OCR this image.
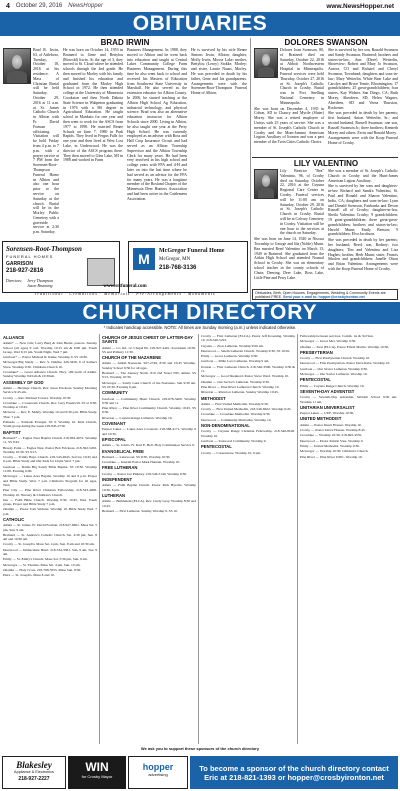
4 October 29, 2016 NewsHopper	www.NewsHopper.net
OBITUARIES
BRAD IRWIN

Brad R. Irwin, 63, of Attleboro, Tuesday, October 18, 2016 at his residence. A Mass of Christian Burial will be held Saturday, October 29, 2016 at 11 a.m. at St. James Catholic Church in Albion with Fr. David Forman officiating. Visitation will be held Friday from 4 p.m. to 7 p.m. with a prayer service at 7 PM from the Sorensen-Root-Thompson Funeral Home in Albion and also one hour prior to the service on Saturday at the church. Burial will be in the Morley Public Cemetery with a graveside service at 2:30 p.m. Saturday.

He was born on October 14, 1953 in Brainerd to Gene and Bettylou (Rowold) Irwin. At the age of 3, they moved to St. Cloud where he attended schools through the 2nd grade. He then moved to Morley with his family and finished his education and graduated from the Morley High School in 1972. He then attended college at the University of Minnesota Crookston and then North Dakota State Science in Wahpeton graduating in 1976 with a BS degree in Agricultural Education. He taught school in Mankato for one year and then went to work for the ASCS from 1977 to 1990. He married Renee Schuck on June 7, 1980 in Park Rapids. They lived in Fergus Falls for one year and then lived at West Lost Lake, in Underwood. He was the director of the ASCS program there. They then moved to Glen Lake, MI in 1988 and worked in Farm

Business Management. In 1988, they moved to Albion and he went back into education and taught at Central Lakes Community College Farm Business Management. During this time he also went back to school and received his Masters of Education from Southwest State University in Marshall. He also served as the extension educator for Albion County. In 2006, he started teaching at the Albion High School Ag Education, industrial technology, and physical science. Brad was also an alternative education instructor for Albion Schools since 2000. Living in Albion, he also taught one year at the Perry High School. He was currently employed as an adviser with Ross and Hall Crop Insurance Circuit and had served as an Albion Township Supervisor and the Albion Township Clerk for many years. He had been very involved in his high school and college years with FFA and 4-H and later on into the last time where he had served as an advisor for the FFA for many years. He was a longtime member of the Rosland Chapter of the Minnesota Deer Hunters Association and had been active in the Cattlemens Association.

He is survived by his wife Renee Simons Irwin, Albion; daughter, Molly Irwin, Moose Lake; mother, Bettylou (Leroy) Stokke, Morley; and sister, Laurie Nauss, Morley. He was preceded in death by his father, Gene and his grandparents. Arrangements were with the Sorensen-Root-Thompson Funeral Home of Albion.

DOLORES SWANSON

Dolores Joan Swanson, 80, of Brainerd died on Saturday, October 22, 2016 at Abbott Northwestern Hospital in Minneapolis. Funeral services were held Thursday, October 27, 2016 at St. Joseph's Catholic Church in Crosby. Burial was in Fort Snelling National Cemetery in Minneapolis.

She was born on December 4, 1935 in Cohon, SD to Chaucy and Myrtle (Slater) Morey. She was a retired employee of Unisys with 25 years of service. She was a member of St. Joseph's Catholic Church in Crosby and the Mom-Jamma American Legion Auxiliary of Ironton and was a past member of the Twin Cities Catholic Choirs.

She is survived by her son, Ronald Swanson and Sandy Swanson, Brainerd; brothers and sisters-in-law, Ann (Dave) Wetterlin, Shoreview; Robert and Mary Jo Swanson, Aurora, CO and Richard and Cheryl Swanson, Townhead; daughters and sons-in-law; Mary Wetterlin, White Bear Lake and Carolyn and Bruce Temte, Bloomington; 17 grandchildren; 25 great-grandchildren; four sisters, Kay Widner, San Diego, CA; Ruth Morey, Aberdeen, SD; Helen Wagner, Aberdeen, SD and Verna Thurston, Rochester.

She was preceded in death by her parents; first husband, Anton Wetterlin, Sr.; and second husband, Russell Swanson; one son, Russell Swanson Jr.; three brothers; Kenneth Morey and others. Ervin and Ronald Morey.

Arrangements were with the Koop Funeral Home of Crosby.

LILY VALENTINO

Lily Beatrice "Bea" Valentino, 96, of Crosby died on Saturday, October 22, 2016 at the Cuyuna Regional Care Center in Crosby. Funeral services will be 11:00 am on Saturday, October 29, 2016 at St. Joseph's Catholic Church in Crosby. Burial will be at Calvary Cemetery in Crosby. Visitation will be one hour to the services at the church on Saturday.

She was born on June 14, 1920 in Nisswa Township to George and Ida (Noble) Munn. Bea married Reed Valentino on March 13, 1940 in Brainerd. She graduated from the Aitkin High School and attended Normal School in Crosby. She was an elementary school teacher in the county schools of Chute, Deering, Deer Lake, Ross Lake, Little Pine and Perry Lake.

She was a member of St. Joseph's Catholic Church in Crosby and the Hunt-James American Legion Auxiliary.

She is survived by her sons and daughters-in-law Richard and Sandra Valentino, St. Paul and Ronald and Sharon Valentino, Indio, CA; daughters and sons-in-law; Lynn and Donald Swenson, Fairbanks and Devon Russell all of Crosby; daughter-in-law, Sheila Valentino Crosby; 9 grandchildren; 19 great-grandchildren; three great-great-grandchildren; brothers and sisters-in-law; Harold Munn; Emily Benson; 9 grandchildren; Elva Jacobson.

She was preceded in death by her parents; her husband, Reed; son, Rodney; two daughters; Tim and Valentina and Lisa Hughes; brother, Herb Munn; sister, Francis Sibolen and grandchildren; Janelle Olson and Brian Valentino. Arrangements were with the Koop Funeral Home of Crosby.

Obituaries, Birth, Open Houses, Engagements, Wedding & Community Events are published FREE. Send your e-mail to: hopper@crosbyironton.net
Sorensen-Root-Thompson
FUNERAL HOMES
GARRISON
218-927-2816
Directors: Jerry Thompson
Jason Brunning
M	McGregor Funeral Home
McGregor, MN
218-768-3136
www.srtfuneral.com
Traditional · Cremations · Memorials · Pre-Arrangements · Monuments
CHURCH DIRECTORY
* Indicates handicap accessible. NOTE: All times are Sunday morning (a.m.) unless indicated otherwise.
ALLIANCE
Aitkin* — New Life; Larry Burg & John Bieler, pastors. Sunday School (all ages) 9 a.m. Worship 10:15 am & 6:00 pm. Youth Group, Wed 6:15 pm. Youth Night, Wed 7 pm.
Garrison* — Pastor Michael R. Rieke. Worship 9. SS 10:30.
McGregor/Big Sandy — Rev. S. Dehlke, 426-3456, 6 of Saline's Store. Worship 9:30. Childrens Church 10.
Crosslake* — Grace Alliance Church. Hwy. 169 north of Aitkin. Sunday Worship 8:45am & 10:30am.
ASSEMBLY OF GOD
Aitkin — Heritage Church, Rev. Jason Erickson. Sunday Morning Service 9:45 am.
Crosby — Rev. Michael Towers. Worship 10:30.
Crosslake — Crossroads Church, Rev. Gary Essenwill. SS at 9:30, Worship at 10:45.
McGrew — Rev. E. Mdaly. Worship 10 and 6:30 p.m. Bible Study, Thur. 7 p.m.
Palisade — Palisade Evangel. SS 9. Worship 10. Kids Church, Youth group during the week 218-845-2739.
BAPTIST
Brainerd* — Eagles Nest Baptist Church 218-963-4672. Worship 11. SS 9:45.
Breezy Point — Eagles Nest. Pastor Bob Erickson. 218-562-5202. Worship 10:30. SS 9:15.
Crosby — Trinity Bapt. Church. 218-543-4845. Service 10:45 and 6 p.m. Bible Study and Our Kids for Christ Wed. 7 pm.
Garrison — Dallas Big Sandy Bible Baptist. SS 10:30. Worship 11:00. Evening 6:00.
McGregor — Lakes Area Baptist. Worship 10 and 6 p.m. Prayer and Bible Study, Wed. 7 p.m. Children's Program for all ages, Wed.
Pine City — Pine River Christian Fellowship. 218-543-4000. Worship 10. Nursery & Children's Church.
Isle — Faith Bible Church. Worship 9:30, 10:45, Wed. Youth group, Prayer and Bible Study 7 p.m.
Onamia — Pastor Tom Webster. Worship 10. Bible Study Wed. 7 p.m.
CATHOLIC
Aitkin — St. James. Fr. David Forman. 218-927-6601. Mass Sat. 5 pm, Sun. 9 am.
Brainerd — St. Andrew's Catholic Church. Sat. 4:30 pm, Sun. 8 am and 10:30 am.
Crosby — St. Joseph's. Mass Sat. 4 pm, Sun. 8 am and 10:30 am.
Deerwood — Immaculate Heart. 218-534-3361. Sun. 9 am, Tue. 9 am.
Emily — St. Emily's Church. Mass Sat. 5:30 pm, Sun. 9 am.
McGregor — St. Thomas. Mass Sat. 4 pm. Sun. 10 am.
Onamia — Holy Cross. 218-768-3555. Mass Sun. 8:30.
Pierz — St. Joseph's. Mass 8 and 10.
CHURCH OF JESUS CHRIST OF LATTER-DAY SAINTS
Aitkin — Co. Rd. 12. Chapel Ph. 218-927-4401. Sacrament 10:30. SS and Primary 11:30.
CHURCH OF THE NAZARENE
Aitkin — Aitkin Nazarene. 927-2749, 8:30 and 10:45 Worship. Sunday School 9:30 for all ages.
Brainerd — The Journey North. 810 2nd Street NW, Aitkin. SS 9:15, Worship 10:30.
McGregor — Sandy Lake Church of the Nazarene. Sun 9:30 am. SS 10:30. Evening 6 pm.
COMMUNITY
Garrison — Community Heart Church. 218-678-3400. Worship 9:30 and 11.
Pine River — Pine River Community Church. Worship 10:45. SS 9:30.
Riverton — Cuyuna Range Lutheran. Worship 10.
COVENANT
Pequot Lakes — Lakes Area Covenant. 218-568-4171. Worship 9 and 10:30.
EPISCOPAL
Aitkin — St. John's. Fr. Karl E. Bell. Holy Communion Service 9.
EVANGELICAL FREE
Brainerd — Lakewood. SS 9:30, Worship 10:30.
Crosslake — Interim Pastor Mark Hannah. Worship 10.
FREE LUTHERAN
Crosby — Pastor Jon Pinkney. 218-546-5140. Worship 9:30.
INDEPENDENT
Aitkin — Faith Baptist Church. Pastor Rick Hyrolle. Worship 10:30, 6 pm.
LUTHERAN
Aitkin — Bethlehem (ELCA). Rev. Cindy Gray. Worship 8:30 and 10:45.
Brainerd — First Lutheran. Sunday Worship 9. SS 10.
Crosby — First Lutheran (ELCA). Pastor Jeff Kroening. Worship 10. 218-546-5222.
Cuyuna — Zion Lutheran. Worship 9:00 am.
Deerwood — Salem Lutheran Church. Worship 9:30, SS 10:45.
Emily — Grace Lutheran. Worship 9:30.
Garrison — Mille Lacs Lutheran. Worship 9 am.
Ironton — First Lutheran Church. 218-546-3500. Worship 9:30 & 11.
McGregor — Good Shepherd. Pastor Steve Ward. Worship 10.
Onamia — Our Savior's Lutheran. Worship 9:30.
Pine River — Pine River Lutheran Church. Worship 10.
Riverton — Riverton Lutheran. Sunday Worship 10:45.
METHODIST
Aitkin — First United Methodist. Worship 9:30.
Crosby — First United Methodist. 218-546-6622. Worship 9:45.
Crosslake — Crosslake Methodist. Worship 9:30.
Deerwood — Community Methodist. Worship 10.
NON-DENOMINATIONAL
Crosby — Cuyuna Range Christian Fellowship. 218-546-8100. Worship 10.
Garrison — Ironwood Community. Worship 9.
PENTECOSTAL
Crosby — Cornerstone. Worship 10, 6 pm.
Fellowship between services. Comm. 1st & 3rd Sun.
McGregor — Grace Met. Worship 9:30.
Onamia — Zion (ELCA). Pastor Elliott Martin. Worship 10:30.
PRESBYTERIAN
Crosby — First Presbyterian Church. Worship 10.
Deerwood — First Presbyterian. Pastor Dave Rabe. Worship 10.
Garrison — Our Savior Lutheran. Worship 9:30.
McGregor — Our Savior Lutheran. Worship 10.
PENTECOSTAL
Emily — Cuyuna Range Church. Worship 10.
SEVENTH-DAY ADVENTIST
Crosby — Seventh-Day Adventist. Sabbath School 9:30 am. Worship 11 am.
UNITARIAN UNIVERSALIST
Pequot Lakes — UUF. Worship 10:30.
UNITED METHODIST
Aitkin — Pastor Dawn Houser. Worship 10.
Crosby — Pastor Dawn Houser. Worship 8:45.
Crosslake — Worship 10:30, 218-692-4535.
Deerwood — Pastor Kristin Vass. Worship 9.
Emily — United Methodist. Worship 9:30.
McGregor — Worship 10:30. Children's Church.
Pine River — Pine River UMC. Worship 10.
We ask you to support these sponsors of the church directory
Blakesley
Appliance & Electronics
218-927-2227
WIN
for Crosby Mayor
hopper
advertising
To become a sponsor of the church directory contact Eric at 218-821-1393 or hopper@crosbyironton.net
